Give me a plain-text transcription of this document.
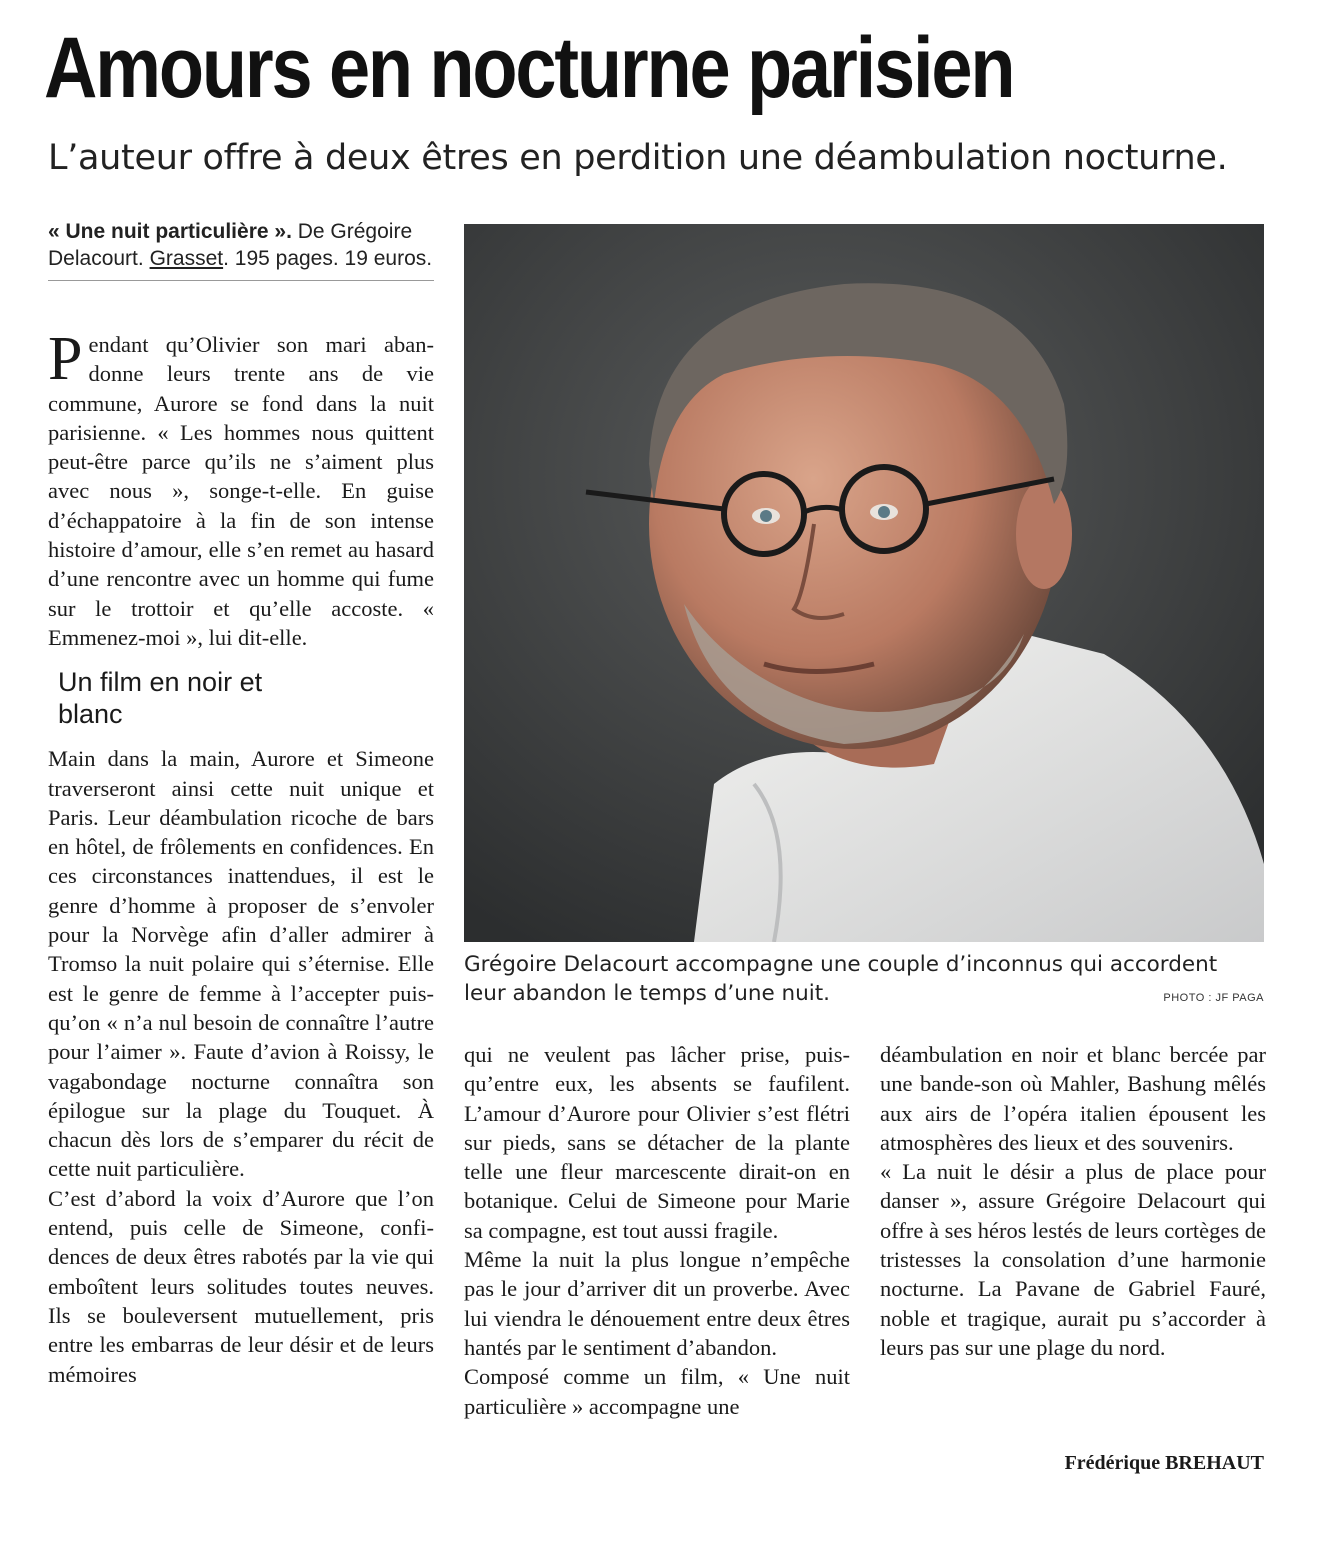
Amours en nocturne parisien

L’auteur offre à deux êtres en perdition une déambulation nocturne.

« Une nuit particulière ». De Grégoire Delacourt. Grasset. 195 pages. 19 euros.

Pendant qu’Olivier son mari abandonne leurs trente ans de vie commune, Aurore se fond dans la nuit parisienne. « Les hommes nous quittent peut-être parce qu’ils ne s’aiment plus avec nous », songe-t-elle. En guise d’échappatoire à la fin de son intense histoire d’amour, elle s’en remet au hasard d’une rencontre avec un homme qui fume sur le trottoir et qu’elle accoste. « Emmenez-moi », lui dit-elle.

Un film en noir et blanc

Main dans la main, Aurore et Simeone traverseront ainsi cette nuit unique et Paris. Leur déambulation ricoche de bars en hôtel, de frôlements en confidences. En ces circonstances inattendues, il est le genre d’homme à proposer de s’envoler pour la Norvège afin d’aller admirer à Tromso la nuit polaire qui s’éternise. Elle est le genre de femme à l’accepter puisqu’on « n’a nul besoin de connaître l’autre pour l’aimer ». Faute d’avion à Roissy, le vagabondage nocturne connaîtra son épilogue sur la plage du Touquet. À chacun dès lors de s’emparer du récit de cette nuit particulière.

C’est d’abord la voix d’Aurore que l’on entend, puis celle de Simeone, confidences de deux êtres rabotés par la vie qui emboîtent leurs solitudes toutes neuves. Ils se bouleversent mutuellement, pris entre les embarras de leur désir et de leurs mémoires

Grégoire Delacourt accompagne une couple d’inconnus qui accordent leur abandon le temps d’une nuit.	PHOTO : JF PAGA

qui ne veulent pas lâcher prise, puisqu’entre eux, les absents se faufilent. L’amour d’Aurore pour Olivier s’est flétri sur pieds, sans se détacher de la plante telle une fleur marcescente dirait-on en botanique. Celui de Simeone pour Marie sa compagne, est tout aussi fragile.

Même la nuit la plus longue n’empêche pas le jour d’arriver dit un proverbe. Avec lui viendra le dénouement entre deux êtres hantés par le sentiment d’abandon.

Composé comme un film, « Une nuit particulière » accompagne une

déambulation en noir et blanc bercée par une bande-son où Mahler, Bashung mêlés aux airs de l’opéra italien épousent les atmosphères des lieux et des souvenirs.

« La nuit le désir a plus de place pour danser », assure Grégoire Delacourt qui offre à ses héros lestés de leurs cortèges de tristesses la consolation d’une harmonie nocturne. La Pavane de Gabriel Fauré, noble et tragique, aurait pu s’accorder à leurs pas sur une plage du nord.

Frédérique BREHAUT
